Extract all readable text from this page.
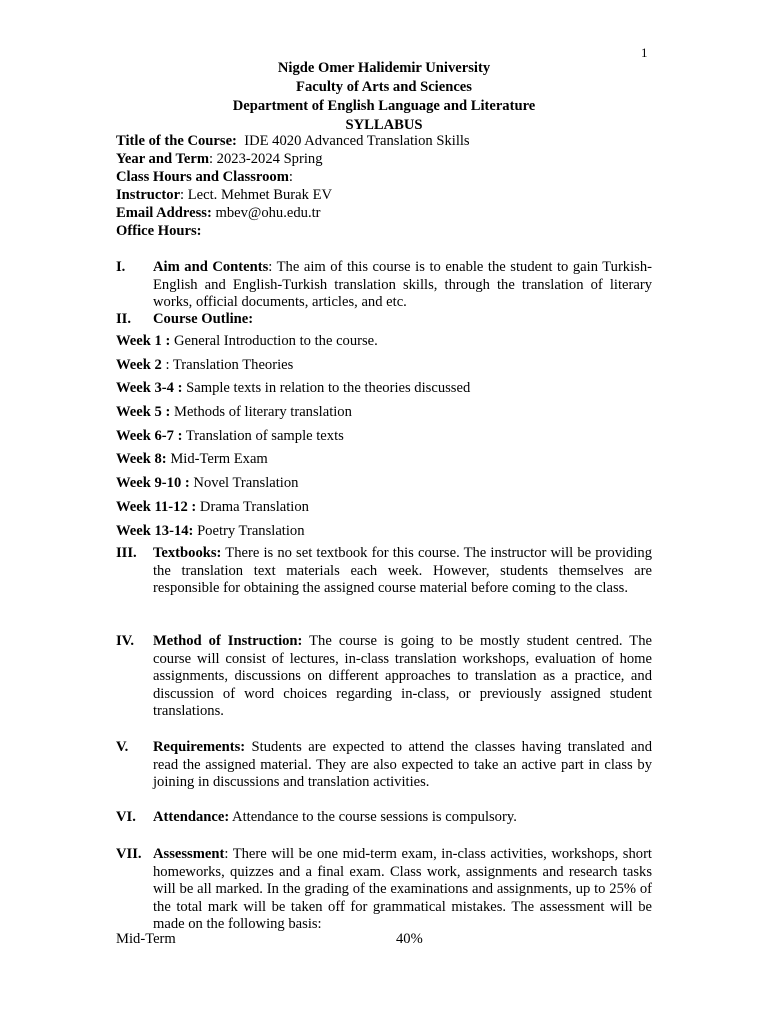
1
Nigde Omer Halidemir University
Faculty of Arts and Sciences
Department of English Language and Literature
SYLLABUS
Title of the Course:  IDE 4020 Advanced Translation Skills
Year and Term: 2023-2024 Spring
Class Hours and Classroom:
Instructor: Lect. Mehmet Burak EV
Email Address: mbev@ohu.edu.tr
Office Hours:
I. Aim and Contents: The aim of this course is to enable the student to gain Turkish-English and English-Turkish translation skills, through the translation of literary works, official documents, articles, and etc.
II. Course Outline:
Week 1 : General Introduction to the course.
Week 2 : Translation Theories
Week 3-4 : Sample texts in relation to the theories discussed
Week 5 : Methods of literary translation
Week 6-7 : Translation of sample texts
Week 8: Mid-Term Exam
Week 9-10 : Novel Translation
Week 11-12 : Drama Translation
Week 13-14: Poetry Translation
III. Textbooks: There is no set textbook for this course. The instructor will be providing the translation text materials each week. However, students themselves are responsible for obtaining the assigned course material before coming to the class.
IV. Method of Instruction: The course is going to be mostly student centred. The course will consist of lectures, in-class translation workshops, evaluation of home assignments, discussions on different approaches to translation as a practice, and discussion of word choices regarding in-class, or previously assigned student translations.
V. Requirements: Students are expected to attend the classes having translated and read the assigned material. They are also expected to take an active part in class by joining in discussions and translation activities.
VI. Attendance: Attendance to the course sessions is compulsory.
VII. Assessment: There will be one mid-term exam, in-class activities, workshops, short homeworks, quizzes and a final exam. Class work, assignments and research tasks will be all marked. In the grading of the examinations and assignments, up to 25% of the total mark will be taken off for grammatical mistakes. The assessment will be made on the following basis:
Mid-Term	40%
